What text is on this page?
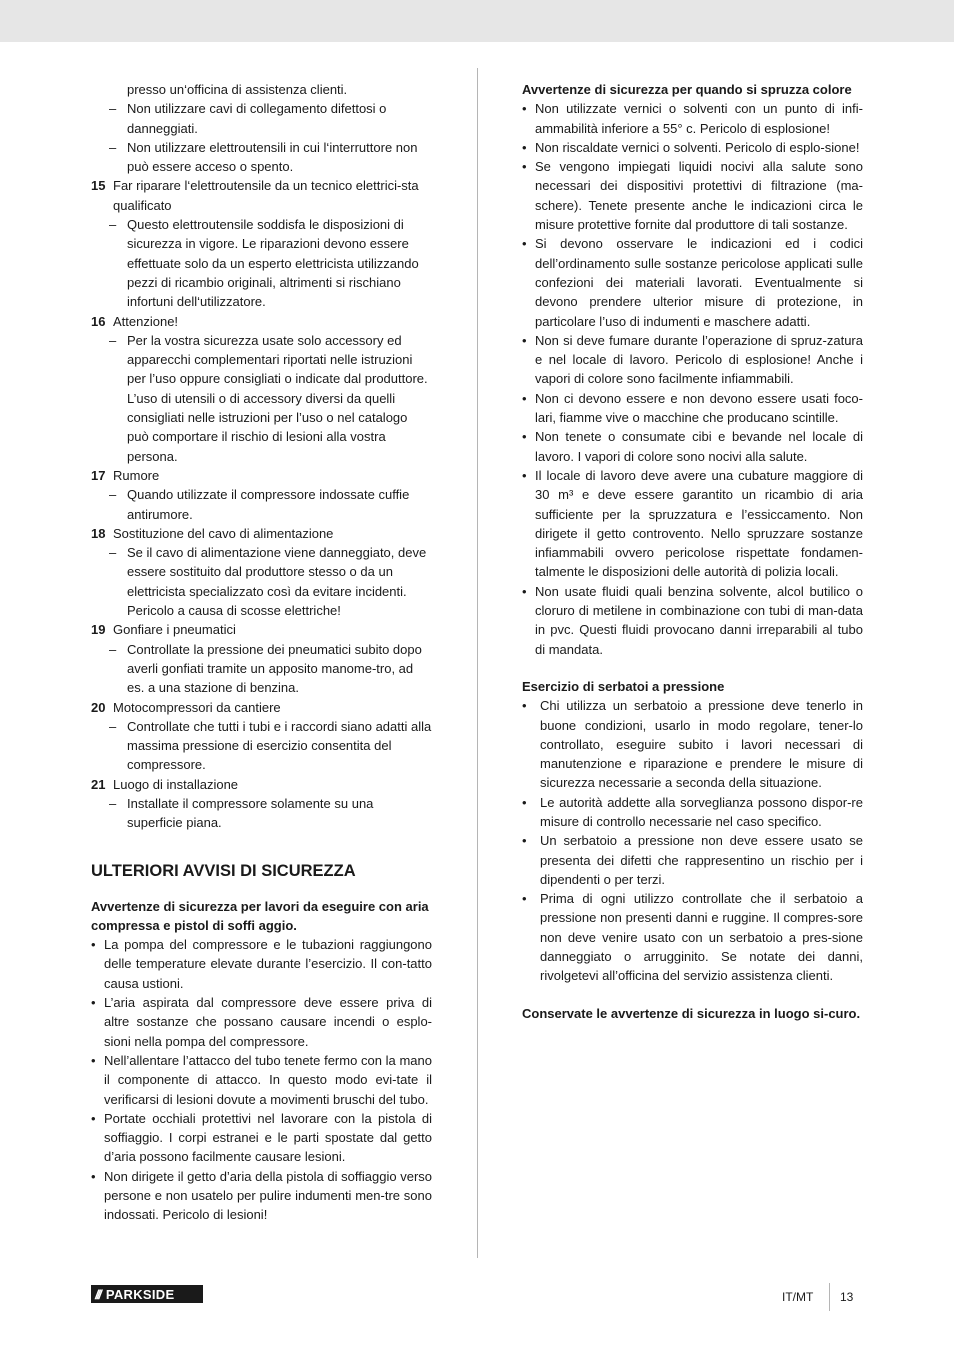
presso un‘officina di assistenza clienti.
– Non utilizzare cavi di collegamento difettosi o danneggiati.
– Non utilizzare elettroutensili in cui l‘interruttore non può essere acceso o spento.
15 Far riparare l‘elettroutensile da un tecnico elettrici-sta qualificato
– Questo elettroutensile soddisfa le disposizioni di sicurezza in vigore. Le riparazioni devono essere effettuate solo da un esperto elettricista utilizzando pezzi di ricambio originali, altrimenti si rischiano infortuni dell‘utilizzatore.
16 Attenzione!
– Per la vostra sicurezza usate solo accessory ed apparecchi complementari riportati nelle istruzioni per l’uso oppure consigliati o indicate dal produttore. L’uso di utensili o di accessory diversi da quelli consigliati nelle istruzioni per l’uso o nel catalogo può comportare il rischio di lesioni alla vostra persona.
17 Rumore
– Quando utilizzate il compressore indossate cuffie antirumore.
18 Sostituzione del cavo di alimentazione
– Se il cavo di alimentazione viene danneggiato, deve essere sostituito dal produttore stesso o da un elettricista specializzato così da evitare incidenti. Pericolo a causa di scosse elettriche!
19 Gonfiare i pneumatici
– Controllate la pressione dei pneumatici subito dopo averli gonfiati tramite un apposito manome-tro, ad es. a una stazione di benzina.
20 Motocompressori da cantiere
– Controllate che tutti i tubi e i raccordi siano adatti alla massima pressione di esercizio consentita del compressore.
21 Luogo di installazione
– Installate il compressore solamente su una superficie piana.
ULTERIORI AVVISI DI SICUREZZA
Avvertenze di sicurezza per lavori da eseguire con aria compressa e pistol di soffi aggio.
• La pompa del compressore e le tubazioni raggiungono delle temperature elevate durante l’esercizio. Il con-tatto causa ustioni.
• L’aria aspirata dal compressore deve essere priva di altre sostanze che possano causare incendi o esplo-sioni nella pompa del compressore.
• Nell’allentare l’attacco del tubo tenete fermo con la mano il componente di attacco. In questo modo evi-tate il verificarsi di lesioni dovute a movimenti bruschi del tubo.
• Portate occhiali protettivi nel lavorare con la pistola di soffiaggio. I corpi estranei e le parti spostate dal getto d’aria possono facilmente causare lesioni.
• Non dirigete il getto d’aria della pistola di soffiaggio verso persone e non usatelo per pulire indumenti men-tre sono indossati. Pericolo di lesioni!
Avvertenze di sicurezza per quando si spruzza colore
• Non utilizzate vernici o solventi con un punto di infi-ammabilità inferiore a 55° c. Pericolo di esplosione!
• Non riscaldate vernici o solventi. Pericolo di esplo-sione!
• Se vengono impiegati liquidi nocivi alla salute sono necessari dei dispositivi protettivi di filtrazione (ma-schere). Tenete presente anche le indicazioni circa le misure protettive fornite dal produttore di tali sostanze.
• Si devono osservare le indicazioni ed i codici dell’ordinamento sulle sostanze pericolose applicati sulle confezioni dei materiali lavorati. Eventualmente si devono prendere ulterior misure di protezione, in particolare l’uso di indumenti e maschere adatti.
• Non si deve fumare durante l’operazione di spruz-zatura e nel locale di lavoro. Pericolo di esplosione! Anche i vapori di colore sono facilmente infiammabili.
• Non ci devono essere e non devono essere usati foco-lari, fiamme vive o macchine che producano scintille.
• Non tenete o consumate cibi e bevande nel locale di lavoro. I vapori di colore sono nocivi alla salute.
• Il locale di lavoro deve avere una cubature maggiore di 30 m³ e deve essere garantito un ricambio di aria sufficiente per la spruzzatura e l’essiccamento. Non dirigete il getto controvento. Nello spruzzare sostanze infiammabili ovvero pericolose rispettate fondamen-talmente le disposizioni delle autorità di polizia locali.
• Non usate fluidi quali benzina solvente, alcol butilico o cloruro di metilene in combinazione con tubi di man-data in pvc. Questi fluidi provocano danni irreparabili al tubo di mandata.
Esercizio di serbatoi a pressione
• Chi utilizza un serbatoio a pressione deve tenerlo in buone condizioni, usarlo in modo regolare, tener-lo controllato, eseguire subito i lavori necessari di manutenzione e riparazione e prendere le misure di sicurezza necessarie a seconda della situazione.
• Le autorità addette alla sorveglianza possono dispor-re misure di controllo necessarie nel caso specifico.
• Un serbatoio a pressione non deve essere usato se presenta dei difetti che rappresentino un rischio per i dipendenti o per terzi.
• Prima di ogni utilizzo controllate che il serbatoio a pressione non presenti danni e ruggine. Il compres-sore non deve venire usato con un serbatoio a pres-sione danneggiato o arrugginito. Se notate dei danni, rivolgetevi all’officina del servizio assistenza clienti.
Conservate le avvertenze di sicurezza in luogo si-curo.
/// PARKSIDE	IT/MT 13
